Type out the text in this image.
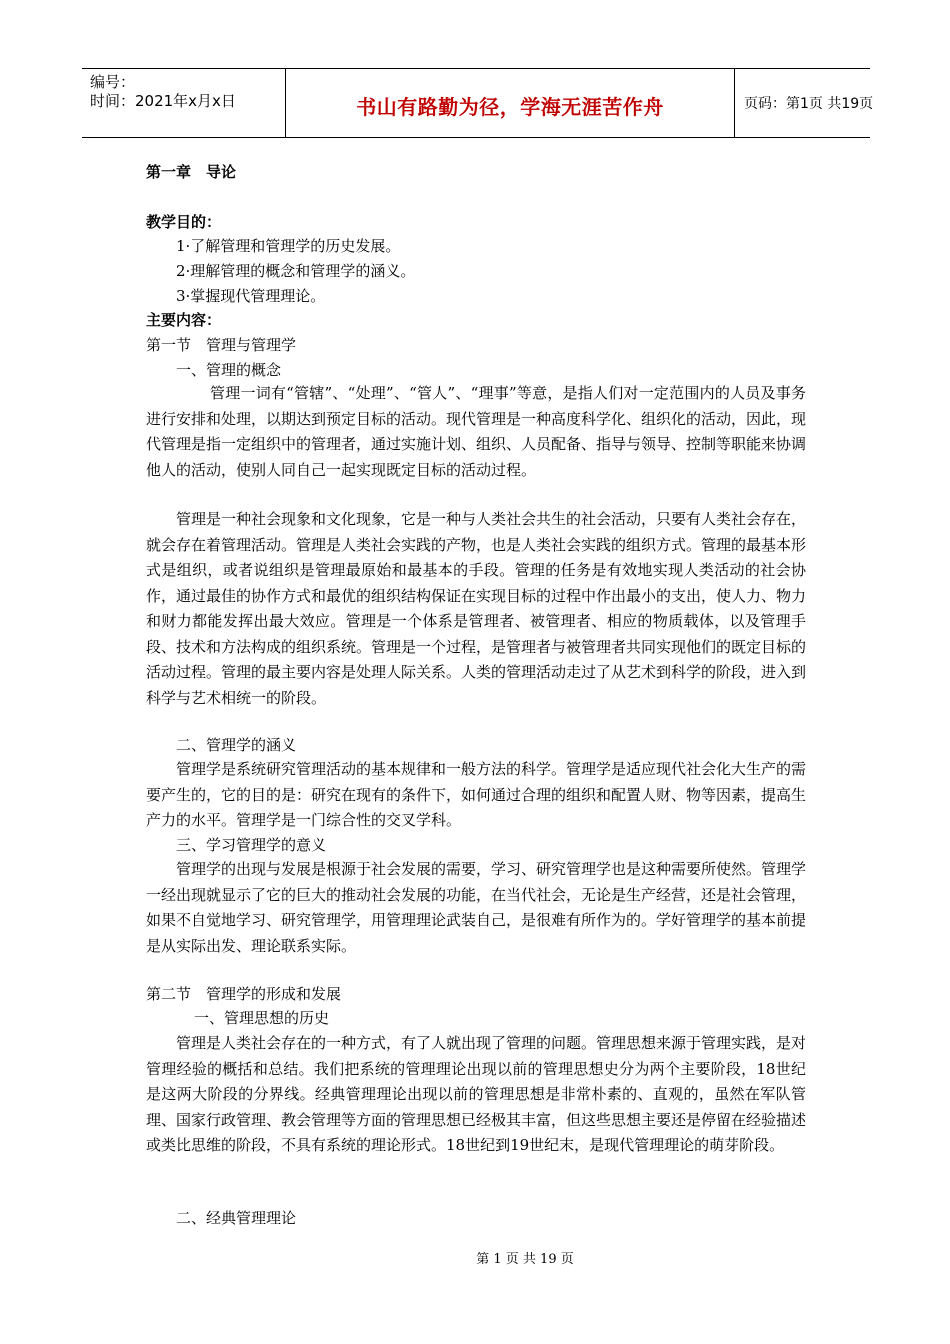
编号：
时间：2021年x月x日	书山有路勤为径，学海无涯苦作舟	页码：第1页 共19页
第一章　导论
教学目的：
1·了解管理和管理学的历史发展。
2·理解管理的概念和管理学的涵义。
3·掌握现代管理理论。
主要内容：
第一节　管理与管理学
一、管理的概念
管理一词有“管辖”、“处理”、“管人”、“理事”等意，是指人们对一定范围内的人员及事务进行安排和处理，以期达到预定目标的活动。现代管理是一种高度科学化、组织化的活动，因此，现代管理是指一定组织中的管理者，通过实施计划、组织、人员配备、指导与领导、控制等职能来协调他人的活动，使别人同自己一起实现既定目标的活动过程。
管理是一种社会现象和文化现象，它是一种与人类社会共生的社会活动，只要有人类社会存在，就会存在着管理活动。管理是人类社会实践的产物，也是人类社会实践的组织方式。管理的最基本形式是组织，或者说组织是管理最原始和最基本的手段。管理的任务是有效地实现人类活动的社会协作，通过最佳的协作方式和最优的组织结构保证在实现目标的过程中作出最小的支出，使人力、物力和财力都能发挥出最大效应。管理是一个体系是管理者、被管理者、相应的物质载体，以及管理手段、技术和方法构成的组织系统。管理是一个过程，是管理者与被管理者共同实现他们的既定目标的活动过程。管理的最主要内容是处理人际关系。人类的管理活动走过了从艺术到科学的阶段，进入到科学与艺术相统一的阶段。
二、管理学的涵义
管理学是系统研究管理活动的基本规律和一般方法的科学。管理学是适应现代社会化大生产的需要产生的，它的目的是：研究在现有的条件下，如何通过合理的组织和配置人财、物等因素，提高生产力的水平。管理学是一门综合性的交叉学科。
三、学习管理学的意义
管理学的出现与发展是根源于社会发展的需要，学习、研究管理学也是这种需要所使然。管理学一经出现就显示了它的巨大的推动社会发展的功能，在当代社会，无论是生产经营，还是社会管理，如果不自觉地学习、研究管理学，用管理理论武装自己，是很难有所作为的。学好管理学的基本前提是从实际出发、理论联系实际。
第二节　管理学的形成和发展
一、管理思想的历史
管理是人类社会存在的一种方式，有了人就出现了管理的问题。管理思想来源于管理实践，是对管理经验的概括和总结。我们把系统的管理理论出现以前的管理思想史分为两个主要阶段，18世纪是这两大阶段的分界线。经典管理理论出现以前的管理思想是非常朴素的、直观的，虽然在军队管理、国家行政管理、教会管理等方面的管理思想已经极其丰富，但这些思想主要还是停留在经验描述或类比思维的阶段，不具有系统的理论形式。18世纪到19世纪末，是现代管理理论的萌芽阶段。
二、经典管理理论
第 1 页 共 19 页
